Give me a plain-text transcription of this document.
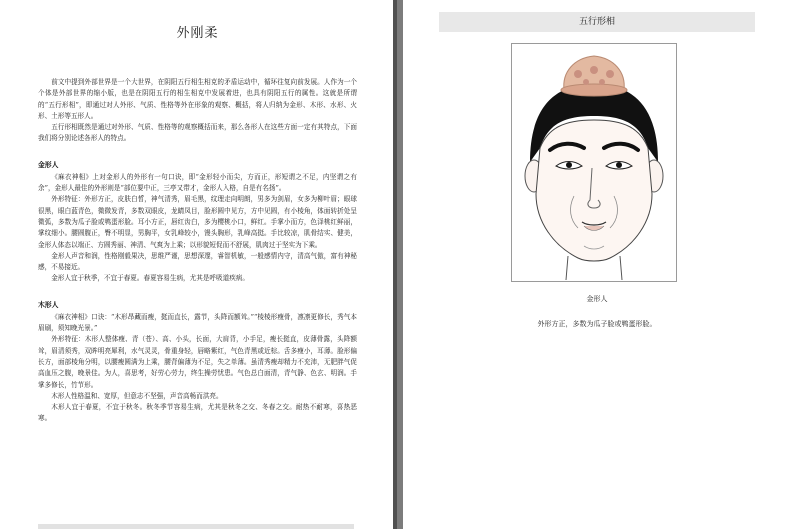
外刚柔

前文中提到外部世界是一个大世界，在阴阳五行相生相克的矛盾运动中，循环往复向前发展。人作为一个个体是外部世界的缩小版，也是在阴阳五行的相生相克中发展着进，也具有阴阳五行的属性。这就是所谓的“五行形相”，即通过对人外形、气质、性格等外在形象的观察、概括，将人归纳为金形、木形、水形、火形、土形等五形人。

五行形相既然是通过对外形、气质、性格等的观察概括而来，那么各形人在这些方面一定有其特点，下面我们将分别论述各形人的特点。

金形人

《麻衣神相》上对金形人的外形有一句口诀，即“金形轻小而尖，方而正，形短谓之不足，内坚谓之有余”，金形人最佳的外形则是“部位要中正，三亭又带才，金形人入格，自是有名扬”。

外形特征：外形方正，皮肤白皙，神气清秀，眉毛黑，纹理走向明朗，男多为剑眉，女多为柳叶眉；眼球很黑，眼白蓝青色，微微发青，多数双眼皮，龙睛凤目，脸形圆中见方，方中见圆，有小棱角，体面转折处呈微弧，多数为瓜子脸或鸭蛋形脸。耳小方正，唇红齿白，多为樱桃小口，鲜红。手掌小而方，色泽桃红鲜丽，掌纹细小。腰圆腹正，臀不明显，男胸平，女乳峰较小，馒头胸形，乳峰高挺。手比较凉，肌骨结实、健美，金形人体态以端正、方圆秀丽、神清、气爽为上乘；以形貌短促而不舒展，肌肉过于坚实为下乘。

金形人声音和润，性格刚毅果决，思维严谨，思想深邃，睿智机敏，一般感情内守，清高气傲，富有神秘感，不易接近。

金形人宜于秋季，不宜于春夏。春夏容易生病，尤其是呼吸道疾病。

木形人

《麻衣神相》口诀：“木形昂藏而瘦，挺而直长，露节，头降而额耸。”“棱棱形瘦骨，凛凛更修长，秀气本眉刷，须知晚光景。”

外形特征：木形人整体瘦、青（苍）、高、小头，长面，大肩背，小手足，瘦长挺直，皮薄骨露，头降额耸，眉清须秀，双眸明亮犀利，水气灵灵，骨重身轻，唇略紫红，气色青黑或近棕。舌多瘦小，耳薄。脸形偏长方，面部棱角分明，以腰瘦圆满为上乘，腰背偏薄为不足，失之单薄。虽清秀瘦却精力不充沛，无肥胖气促高血压之腹，晚景佳。为人，喜思考，好劳心劳力，终生操劳忧患。气色总白面清，青气静、色玄、明润。手掌多修长，竹节形。

木形人性格温和、宽厚，但意志不坚强，声音高畅而洪亮。

木形人宜于春夏，不宜于秋冬。秋冬季节容易生病，尤其是秋冬之交、冬春之交。耐热不耐寒，喜热恶寒。

五行形相
金形人
外形方正，多数为瓜子脸或鸭蛋形脸。
